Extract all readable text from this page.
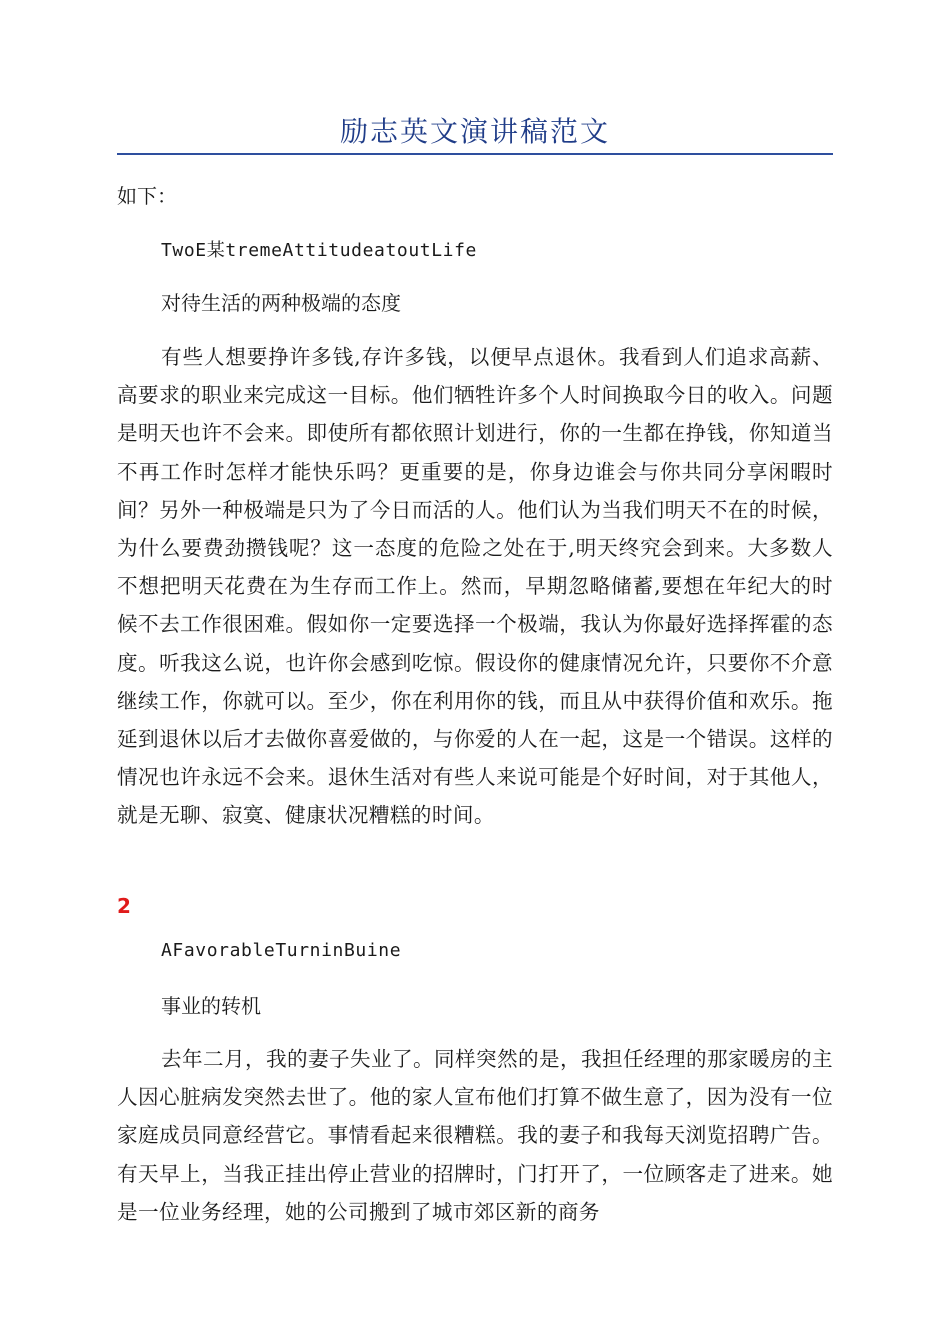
励志英文演讲稿范文
如下：
TwoE某tremeAttitudeatoutLife
对待生活的两种极端的态度
有些人想要挣许多钱,存许多钱，以便早点退休。我看到人们追求高薪、高要求的职业来完成这一目标。他们牺牲许多个人时间换取今日的收入。问题是明天也许不会来。即使所有都依照计划进行，你的一生都在挣钱，你知道当不再工作时怎样才能快乐吗？更重要的是，你身边谁会与你共同分享闲暇时间？另外一种极端是只为了今日而活的人。他们认为当我们明天不在的时候，为什么要费劲攒钱呢？这一态度的危险之处在于,明天终究会到来。大多数人不想把明天花费在为生存而工作上。然而，早期忽略储蓄,要想在年纪大的时候不去工作很困难。假如你一定要选择一个极端，我认为你最好选择挥霍的态度。听我这么说，也许你会感到吃惊。假设你的健康情况允许，只要你不介意继续工作，你就可以。至少，你在利用你的钱，而且从中获得价值和欢乐。拖延到退休以后才去做你喜爱做的，与你爱的人在一起，这是一个错误。这样的情况也许永远不会来。退休生活对有些人来说可能是个好时间，对于其他人，就是无聊、寂寞、健康状况糟糕的时间。
2
AFavorableTurninBuine
事业的转机
去年二月，我的妻子失业了。同样突然的是，我担任经理的那家暖房的主人因心脏病发突然去世了。他的家人宣布他们打算不做生意了，因为没有一位家庭成员同意经营它。事情看起来很糟糕。我的妻子和我每天浏览招聘广告。有天早上，当我正挂出停止营业的招牌时，门打开了，一位顾客走了进来。她是一位业务经理，她的公司搬到了城市郊区新的商务
